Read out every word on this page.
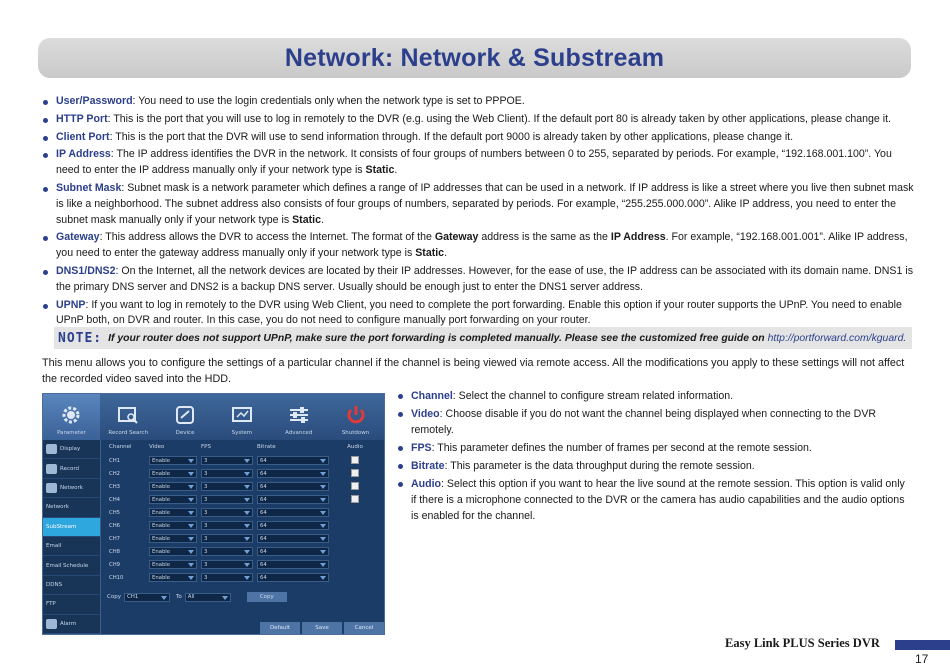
Network: Network & Substream
User/Password: You need to use the login credentials only when the network type is set to PPPOE.
HTTP Port: This is the port that you will use to log in remotely to the DVR (e.g. using the Web Client). If the default port 80 is already taken by other applications, please change it.
Client Port: This is the port that the DVR will use to send information through. If the default port 9000 is already taken by other applications, please change it.
IP Address: The IP address identifies the DVR in the network. It consists of four groups of numbers between 0 to 255, separated by periods. For example, “192.168.001.100”. You need to enter the IP address manually only if your network type is Static.
Subnet Mask: Subnet mask is a network parameter which defines a range of IP addresses that can be used in a network. If IP address is like a street where you live then subnet mask is like a neighborhood. The subnet address also consists of four groups of numbers, separated by periods. For example, “255.255.000.000”. Alike IP address, you need to enter the subnet mask manually only if your network type is Static.
Gateway: This address allows the DVR to access the Internet. The format of the Gateway address is the same as the IP Address. For example, “192.168.001.001”. Alike IP address, you need to enter the gateway address manually only if your network type is Static.
DNS1/DNS2: On the Internet, all the network devices are located by their IP addresses. However, for the ease of use, the IP address can be associated with its domain name. DNS1 is the primary DNS server and DNS2 is a backup DNS server. Usually should be enough just to enter the DNS1 server address.
UPNP: If you want to log in remotely to the DVR using Web Client, you need to complete the port forwarding. Enable this option if your router supports the UPnP. You need to enable UPnP both, on DVR and router. In this case, you do not need to configure manually port forwarding on your router.
NOTE: If your router does not support UPnP, make sure the port forwarding is completed manually. Please see the customized free guide on http://portforward.com/kguard.

This menu allows you to configure the settings of a particular channel if the channel is being viewed via remote access. All the modifications you apply to these settings will not affect the recorded video saved into the HDD.

Parameter	Record Search	Device	System	Advanced	Shutdown
Display
Record
Network
Network
SubStream
Email
Email Schedule
DDNS
FTP
Alarm
Channel	Video	FPS	Bitrate	Audio
CH1	Enable	3	64
CH2	Enable	3	64
CH3	Enable	3	64
CH4	Enable	3	64
CH5	Enable	3	64
CH6	Enable	3	64
CH7	Enable	3	64
CH8	Enable	3	64
CH9	Enable	3	64
CH10	Enable	3	64
Copy	CH1	To	All	Copy
Default	Save	Cancel
Channel: Select the channel to configure stream related information.
Video: Choose disable if you do not want the channel being displayed when connecting to the DVR remotely.
FPS: This parameter defines the number of frames per second at the remote session.
Bitrate: This parameter is the data throughput during the remote session.
Audio: Select this option if you want to hear the live sound at the remote session. This option is valid only if there is a microphone connected to the DVR or the camera has audio capabilities and the audio options is enabled for the channel.
Easy Link PLUS Series DVR
17
